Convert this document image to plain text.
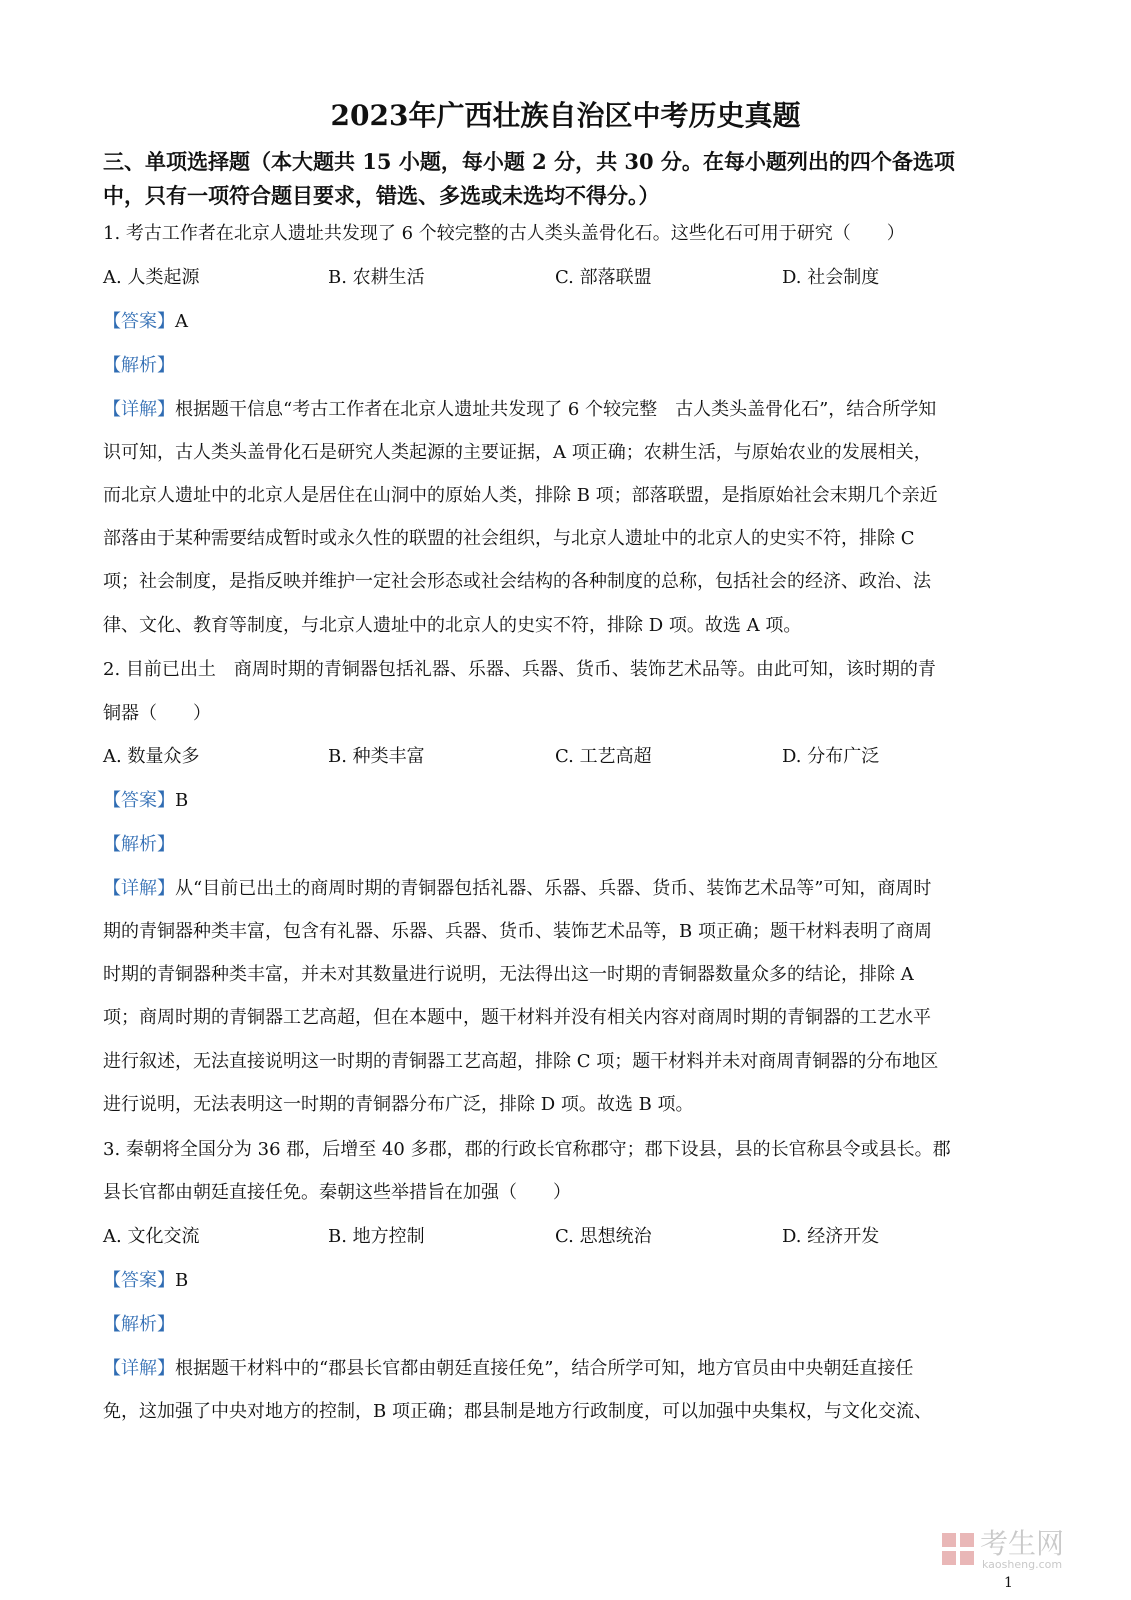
2023年广西壮族自治区中考历史真题
三、单项选择题（本大题共 15 小题，每小题 2 分，共 30 分。在每小题列出的四个备选项
中，只有一项符合题目要求，错选、多选或未选均不得分。）
1. 考古工作者在北京人遗址共发现了 6 个较完整的古人类头盖骨化石。这些化石可用于研究（　　）
A. 人类起源	B. 农耕生活	C. 部落联盟	D. 社会制度
【答案】A
【解析】
【详解】根据题干信息“考古工作者在北京人遗址共发现了 6 个较完整　古人类头盖骨化石”，结合所学知
识可知，古人类头盖骨化石是研究人类起源的主要证据，A 项正确；农耕生活，与原始农业的发展相关，
而北京人遗址中的北京人是居住在山洞中的原始人类，排除 B 项；部落联盟，是指原始社会末期几个亲近
部落由于某种需要结成暂时或永久性的联盟的社会组织，与北京人遗址中的北京人的史实不符，排除 C
项；社会制度，是指反映并维护一定社会形态或社会结构的各种制度的总称，包括社会的经济、政治、法
律、文化、教育等制度，与北京人遗址中的北京人的史实不符，排除 D 项。故选 A 项。
2. 目前已出土　商周时期的青铜器包括礼器、乐器、兵器、货币、装饰艺术品等。由此可知，该时期的青
铜器（　　）
A. 数量众多	B. 种类丰富	C. 工艺高超	D. 分布广泛
【答案】B
【解析】
【详解】从“目前已出土的商周时期的青铜器包括礼器、乐器、兵器、货币、装饰艺术品等”可知，商周时
期的青铜器种类丰富，包含有礼器、乐器、兵器、货币、装饰艺术品等，B 项正确；题干材料表明了商周
时期的青铜器种类丰富，并未对其数量进行说明，无法得出这一时期的青铜器数量众多的结论，排除 A
项；商周时期的青铜器工艺高超，但在本题中，题干材料并没有相关内容对商周时期的青铜器的工艺水平
进行叙述，无法直接说明这一时期的青铜器工艺高超，排除 C 项；题干材料并未对商周青铜器的分布地区
进行说明，无法表明这一时期的青铜器分布广泛，排除 D 项。故选 B 项。
3. 秦朝将全国分为 36 郡，后增至 40 多郡，郡的行政长官称郡守；郡下设县，县的长官称县令或县长。郡
县长官都由朝廷直接任免。秦朝这些举措旨在加强（　　）
A. 文化交流	B. 地方控制	C. 思想统治	D. 经济开发
【答案】B
【解析】
【详解】根据题干材料中的“郡县长官都由朝廷直接任免”，结合所学可知，地方官员由中央朝廷直接任
免，这加强了中央对地方的控制，B 项正确；郡县制是地方行政制度，可以加强中央集权，与文化交流、
考生网
kaosheng.com
1
